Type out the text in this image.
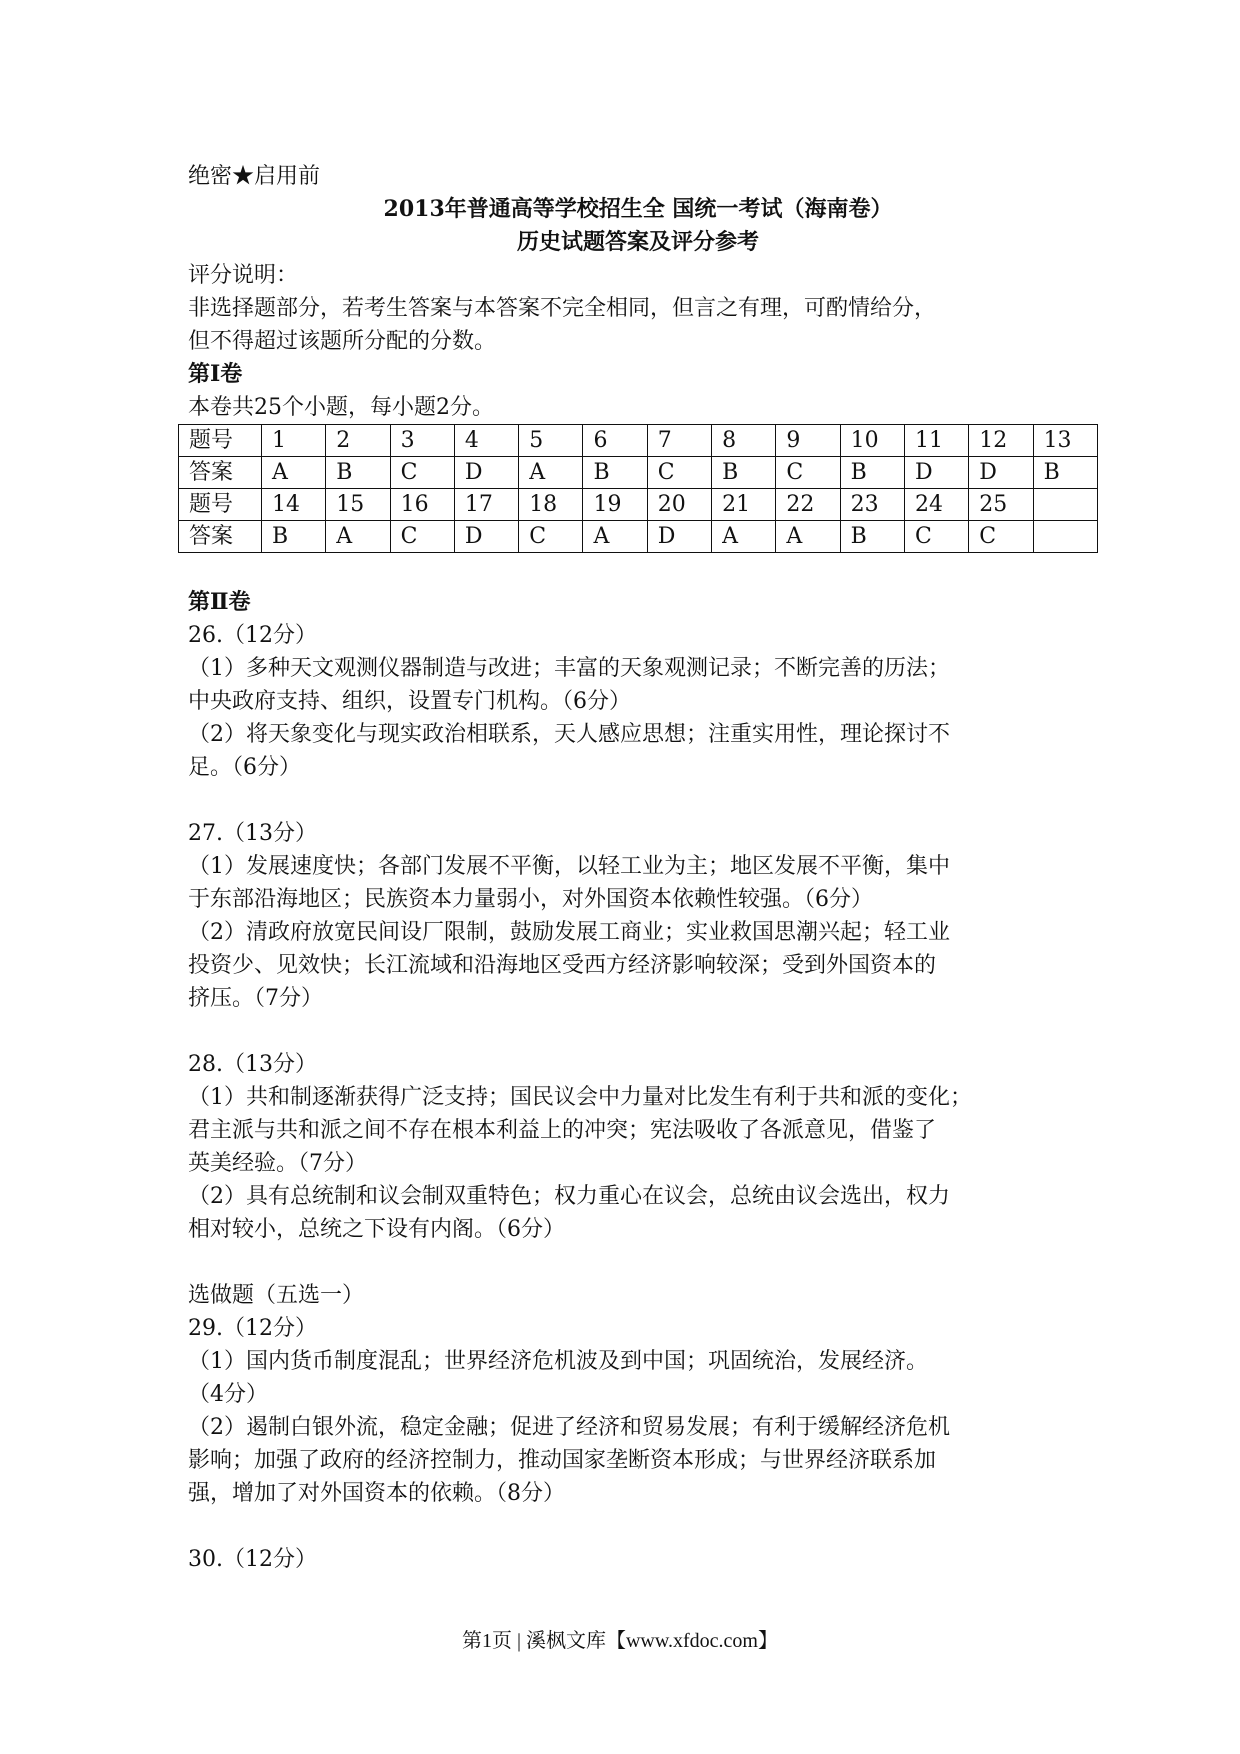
绝密★启用前
2013年普通高等学校招生全 国统一考试（海南卷）
历史试题答案及评分参考
评分说明：
非选择题部分，若考生答案与本答案不完全相同，但言之有理，可酌情给分，
但不得超过该题所分配的分数。
第Ⅰ卷
本卷共25个小题，每小题2分。
题号	1	2	3	4	5	6	7	8	9	10	11	12	13
答案	A	B	C	D	A	B	C	B	C	B	D	D	B
题号	14	15	16	17	18	19	20	21	22	23	24	25	
答案	B	A	C	D	C	A	D	A	A	B	C	C	
第Ⅱ卷
26.（12分）
（1）多种天文观测仪器制造与改进；丰富的天象观测记录；不断完善的历法；
中央政府支持、组织，设置专门机构。（6分）
（2）将天象变化与现实政治相联系，天人感应思想；注重实用性，理论探讨不
足。（6分）
27.（13分）
（1）发展速度快；各部门发展不平衡，以轻工业为主；地区发展不平衡，集中
于东部沿海地区；民族资本力量弱小，对外国资本依赖性较强。（6分）
（2）清政府放宽民间设厂限制，鼓励发展工商业；实业救国思潮兴起；轻工业
投资少、见效快；长江流域和沿海地区受西方经济影响较深；受到外国资本的
挤压。（7分）
28.（13分）
（1）共和制逐渐获得广泛支持；国民议会中力量对比发生有利于共和派的变化；
君主派与共和派之间不存在根本利益上的冲突；宪法吸收了各派意见，借鉴了
英美经验。（7分）
（2）具有总统制和议会制双重特色；权力重心在议会，总统由议会选出，权力
相对较小，总统之下设有内阁。（6分）
选做题（五选一）
29.（12分）
（1）国内货币制度混乱；世界经济危机波及到中国；巩固统治，发展经济。
（4分）
（2）遏制白银外流，稳定金融；促进了经济和贸易发展；有利于缓解经济危机
影响；加强了政府的经济控制力，推动国家垄断资本形成；与世界经济联系加
强，增加了对外国资本的依赖。（8分）
30.（12分）
第1页 | 溪枫文库【www.xfdoc.com】
